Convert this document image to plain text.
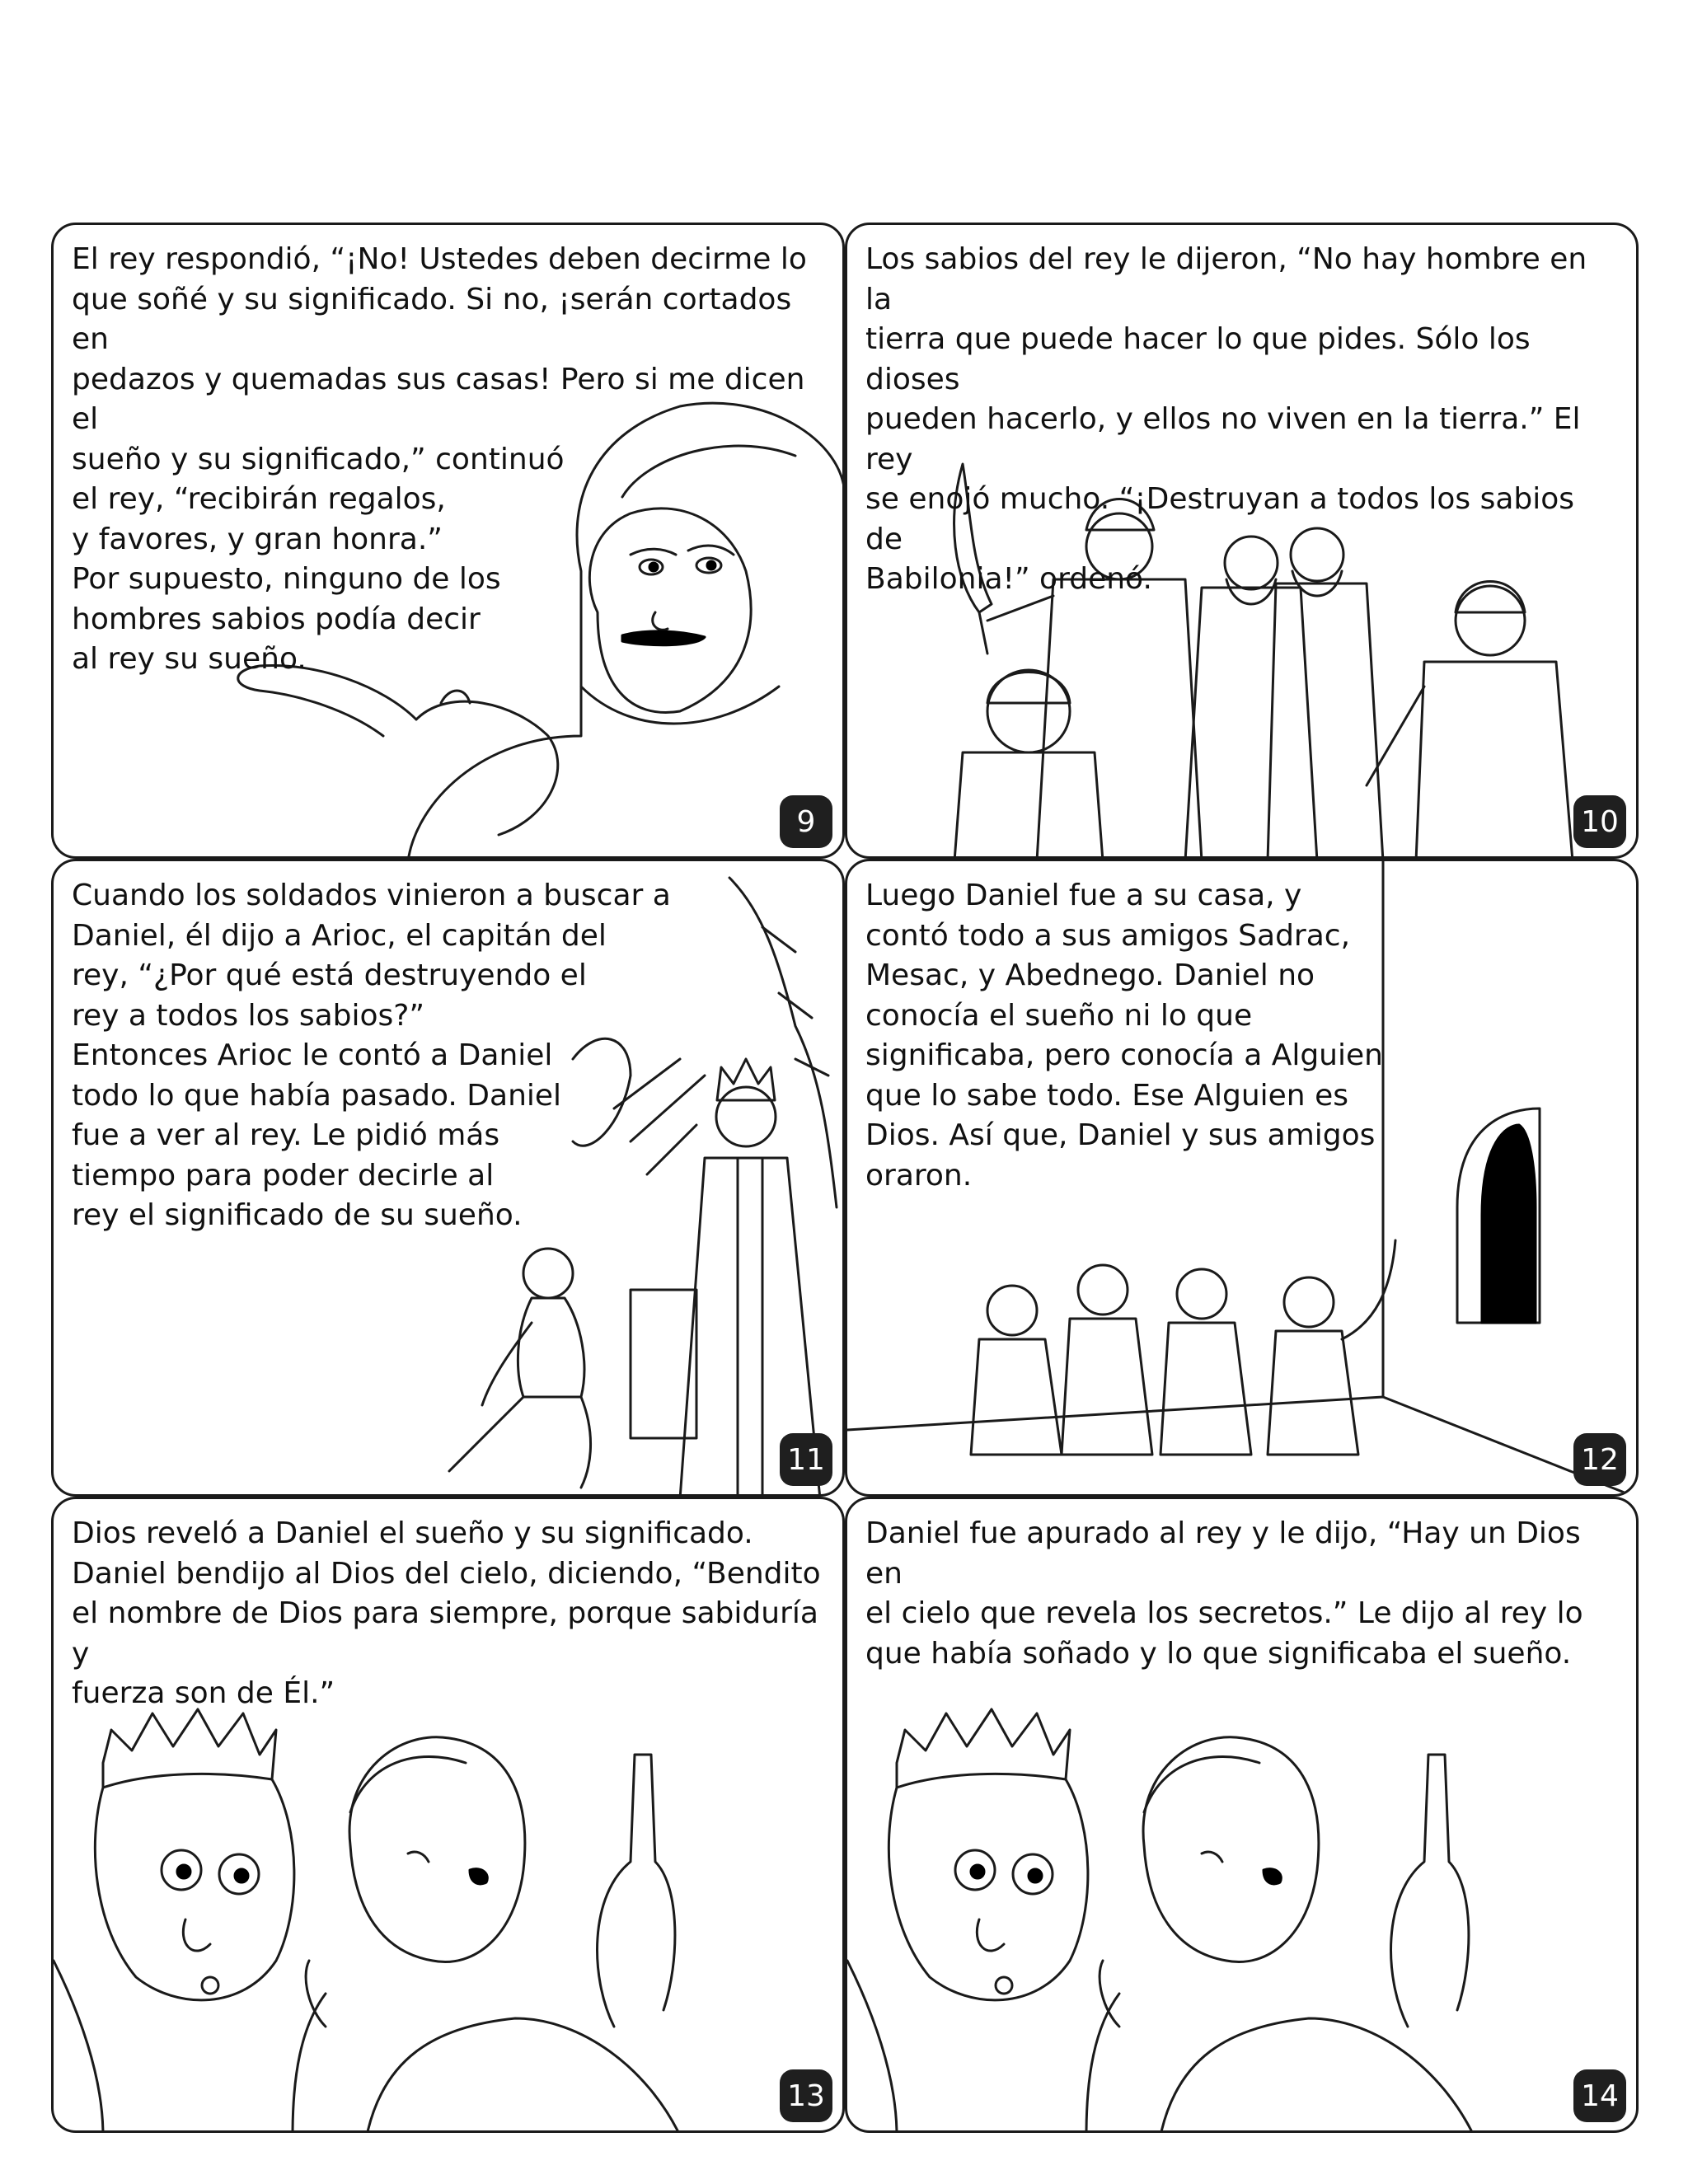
El rey respondió, “¡No! Ustedes deben decirme lo
que soñé y su significado. Si no, ¡serán cortados en
pedazos y quemadas sus casas! Pero si me dicen el
sueño y su significado,” continuó
el rey, “recibirán regalos,
y favores, y gran honra.”
Por supuesto, ninguno de los
hombres sabios podía decir
al rey su sueño.
9
Los sabios del rey le dijeron, “No hay hombre en la
tierra que puede hacer lo que pides. Sólo los dioses
pueden hacerlo, y ellos no viven en la tierra.” El rey
se enojó mucho. “¡Destruyan a todos los sabios de
Babilonia!” ordenó.
10
Cuando los soldados vinieron a buscar a
Daniel, él dijo a Arioc, el capitán del
rey, “¿Por qué está destruyendo el
rey a todos los sabios?”
Entonces Arioc le contó a Daniel
todo lo que había pasado. Daniel
fue a ver al rey. Le pidió más
tiempo para poder decirle al
rey el significado de su sueño.
11
Luego Daniel fue a su casa, y
contó todo a sus amigos Sadrac,
Mesac, y Abednego. Daniel no
conocía el sueño ni lo que
significaba, pero conocía a Alguien
que lo sabe todo. Ese Alguien es
Dios. Así que, Daniel y sus amigos
oraron.
12
Dios reveló a Daniel el sueño y su significado.
Daniel bendijo al Dios del cielo, diciendo, “Bendito
el nombre de Dios para siempre, porque sabiduría y
fuerza son de Él.”
13
Daniel fue apurado al rey y le dijo, “Hay un Dios en
el cielo que revela los secretos.” Le dijo al rey lo
que había soñado y lo que significaba el sueño.
14
